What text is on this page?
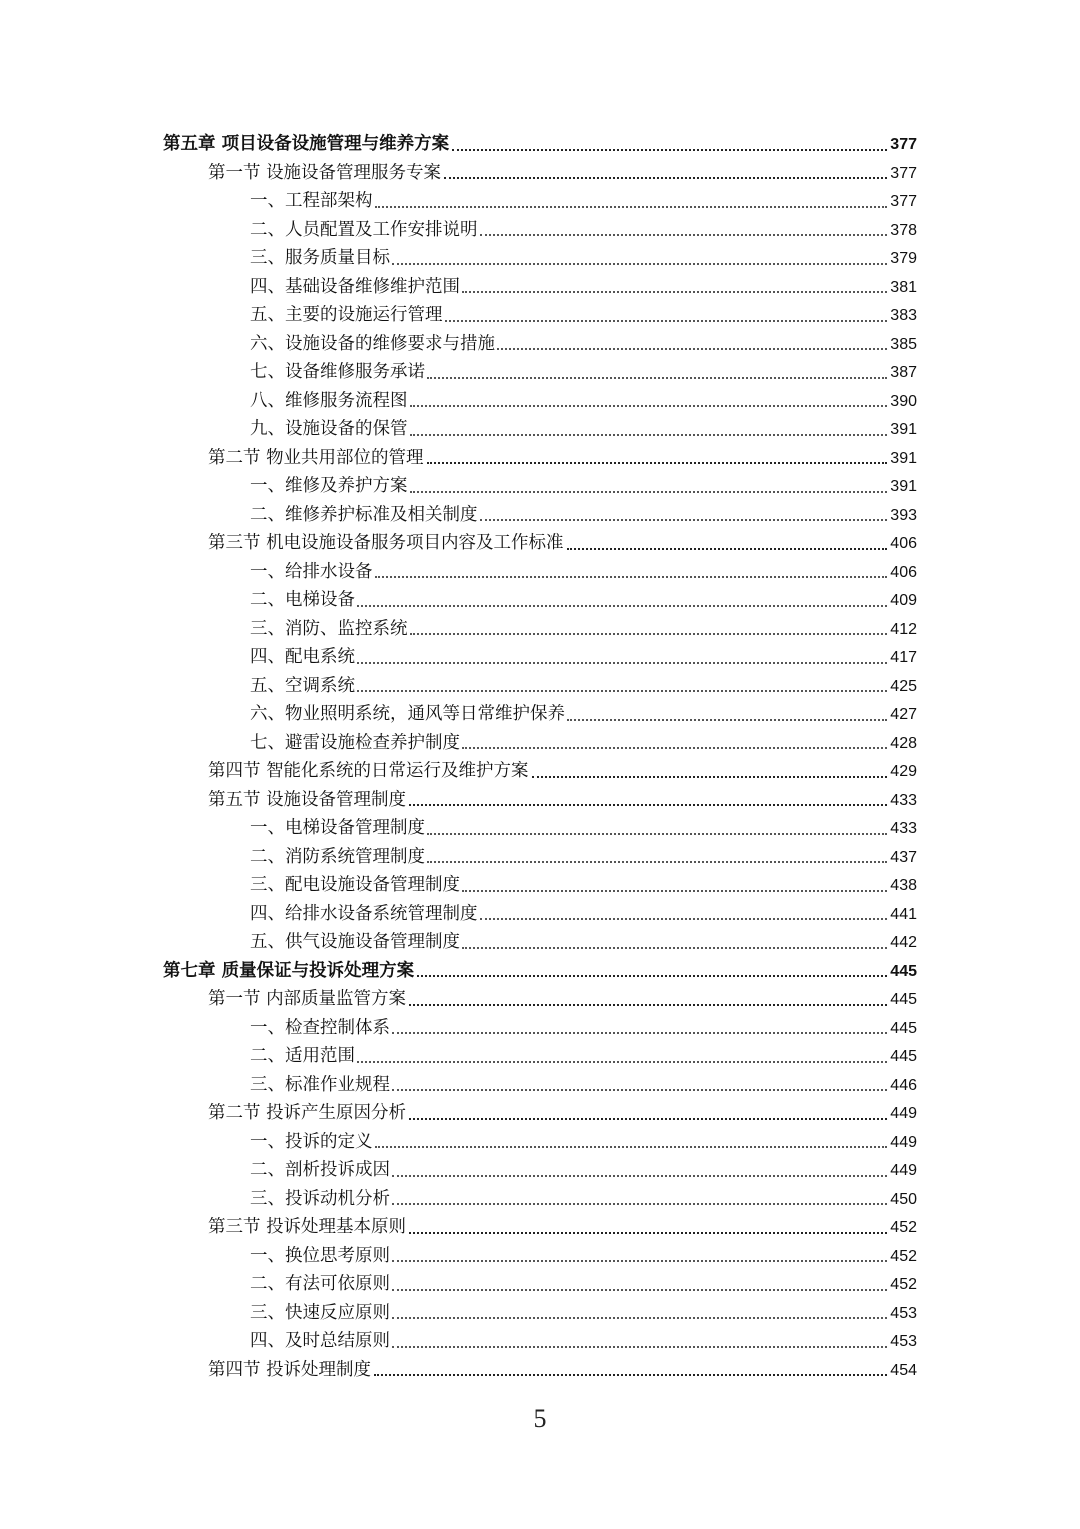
第五章 项目设备设施管理与维养方案	377
第一节 设施设备管理服务专案	377
一、工程部架构	377
二、人员配置及工作安排说明	378
三、服务质量目标	379
四、基础设备维修维护范围	381
五、主要的设施运行管理	383
六、设施设备的维修要求与措施	385
七、设备维修服务承诺	387
八、维修服务流程图	390
九、设施设备的保管	391
第二节 物业共用部位的管理	391
一、维修及养护方案	391
二、维修养护标准及相关制度	393
第三节 机电设施设备服务项目内容及工作标准	406
一、给排水设备	406
二、电梯设备	409
三、消防、监控系统	412
四、配电系统	417
五、空调系统	425
六、物业照明系统，通风等日常维护保养	427
七、避雷设施检查养护制度	428
第四节 智能化系统的日常运行及维护方案	429
第五节 设施设备管理制度	433
一、电梯设备管理制度	433
二、消防系统管理制度	437
三、配电设施设备管理制度	438
四、给排水设备系统管理制度	441
五、供气设施设备管理制度	442
第七章 质量保证与投诉处理方案	445
第一节 内部质量监管方案	445
一、检查控制体系	445
二、适用范围	445
三、标准作业规程	446
第二节 投诉产生原因分析	449
一、投诉的定义	449
二、剖析投诉成因	449
三、投诉动机分析	450
第三节 投诉处理基本原则	452
一、换位思考原则	452
二、有法可依原则	452
三、快速反应原则	453
四、及时总结原则	453
第四节 投诉处理制度	454
5
